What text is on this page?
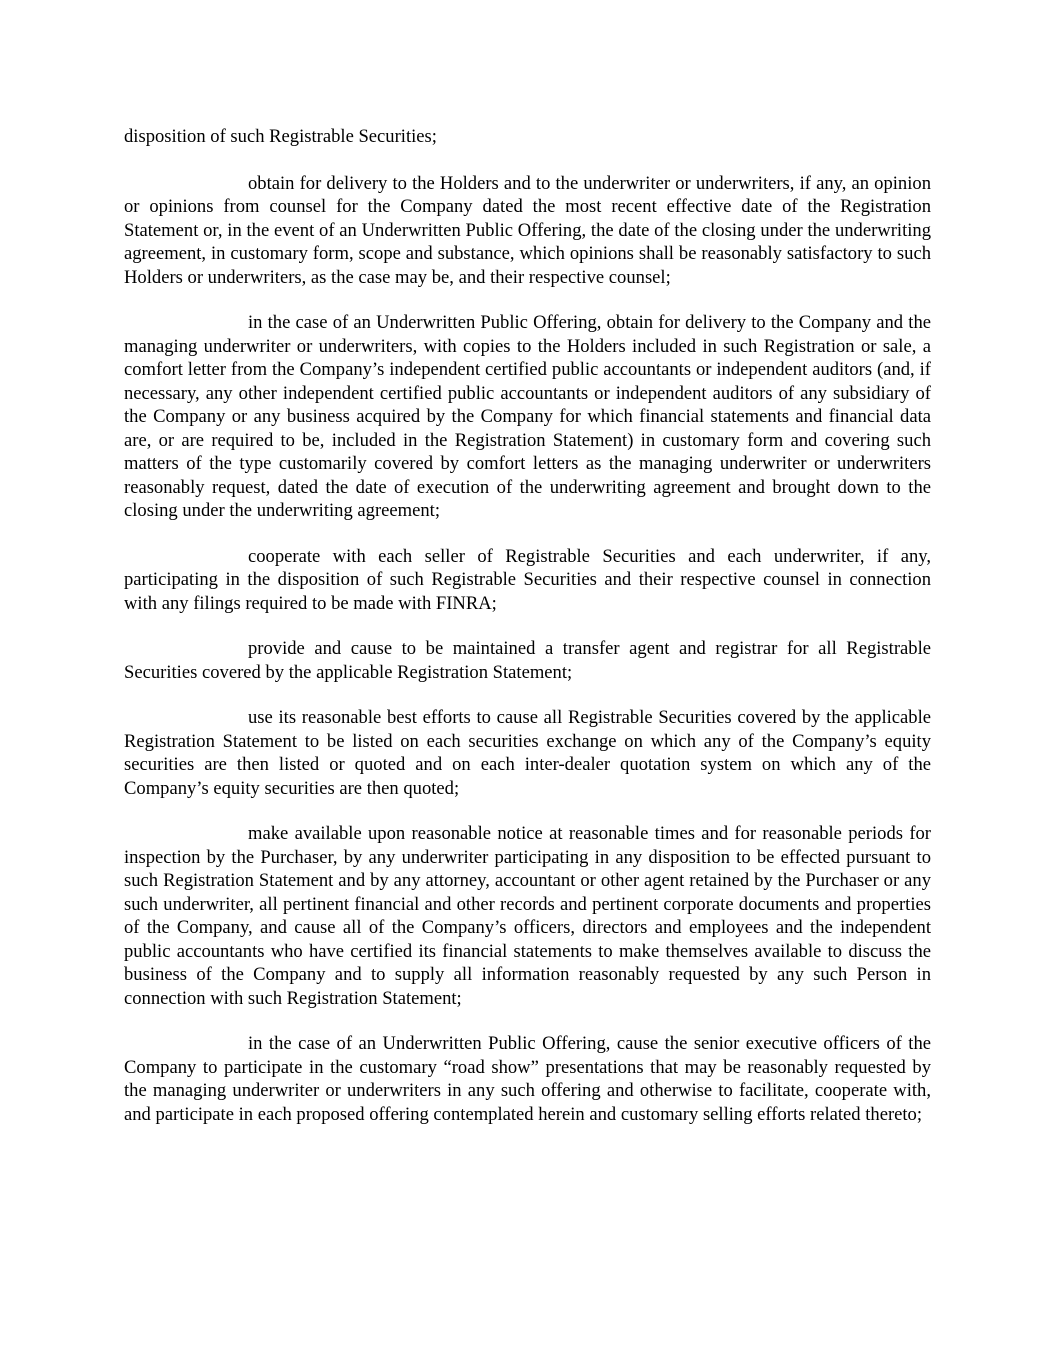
disposition of such Registrable Securities;

obtain for delivery to the Holders and to the underwriter or underwriters, if any, an opinion or opinions from counsel for the Company dated the most recent effective date of the Registration Statement or, in the event of an Underwritten Public Offering, the date of the closing under the underwriting agreement, in customary form, scope and substance, which opinions shall be reasonably satisfactory to such Holders or underwriters, as the case may be, and their respective counsel;

in the case of an Underwritten Public Offering, obtain for delivery to the Company and the managing underwriter or underwriters, with copies to the Holders included in such Registration or sale, a comfort letter from the Company’s independent certified public accountants or independent auditors (and, if necessary, any other independent certified public accountants or independent auditors of any subsidiary of the Company or any business acquired by the Company for which financial statements and financial data are, or are required to be, included in the Registration Statement) in customary form and covering such matters of the type customarily covered by comfort letters as the managing underwriter or underwriters reasonably request, dated the date of execution of the underwriting agreement and brought down to the closing under the underwriting agreement;

cooperate with each seller of Registrable Securities and each underwriter, if any, participating in the disposition of such Registrable Securities and their respective counsel in connection with any filings required to be made with FINRA;

provide and cause to be maintained a transfer agent and registrar for all Registrable Securities covered by the applicable Registration Statement;

use its reasonable best efforts to cause all Registrable Securities covered by the applicable Registration Statement to be listed on each securities exchange on which any of the Company’s equity securities are then listed or quoted and on each inter-dealer quotation system on which any of the Company’s equity securities are then quoted;

make available upon reasonable notice at reasonable times and for reasonable periods for inspection by the Purchaser, by any underwriter participating in any disposition to be effected pursuant to such Registration Statement and by any attorney, accountant or other agent retained by the Purchaser or any such underwriter, all pertinent financial and other records and pertinent corporate documents and properties of the Company, and cause all of the Company’s officers, directors and employees and the independent public accountants who have certified its financial statements to make themselves available to discuss the business of the Company and to supply all information reasonably requested by any such Person in connection with such Registration Statement;

in the case of an Underwritten Public Offering, cause the senior executive officers of the Company to participate in the customary “road show” presentations that may be reasonably requested by the managing underwriter or underwriters in any such offering and otherwise to facilitate, cooperate with, and participate in each proposed offering contemplated herein and customary selling efforts related thereto;
